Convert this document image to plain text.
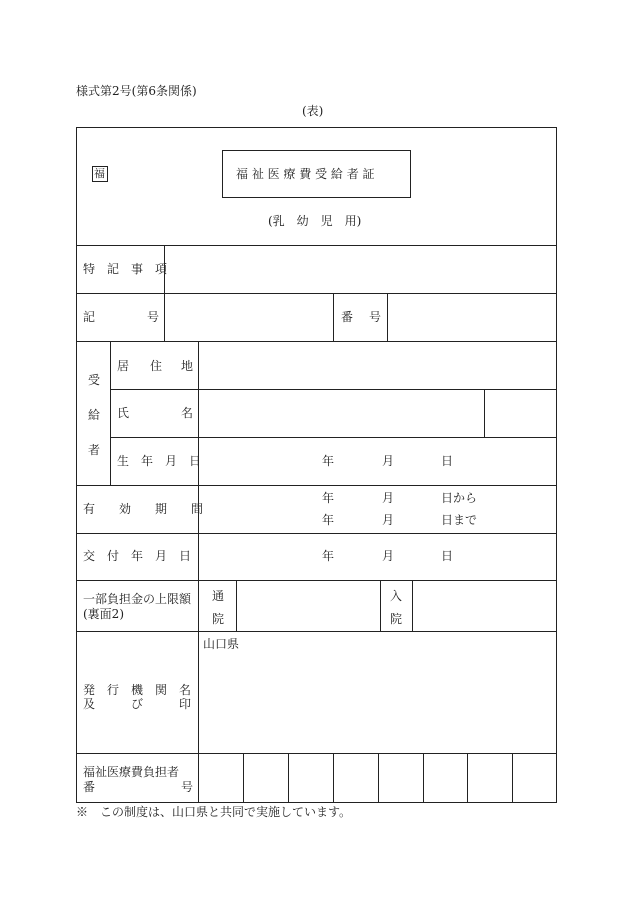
様式第2号(第6条関係)
(表)
福	福 祉 医 療 費 受 給 者 証
(乳　幼　児　用)
特　記　事　項
記	号	番 号
受
給
者
居 住 地
氏	名
生　年　月　日	年	月	日
有　　効　　期　　間
年	月	日から
年	月	日まで
交　付　年　月　日	年	月	日
一部負担金の上限額
(裏面2)
通
院
入
院
発　行　機　関　名
及　　　び　　　印
山口県
福祉医療費負担者
番	号
※　この制度は、山口県と共同で実施しています。
